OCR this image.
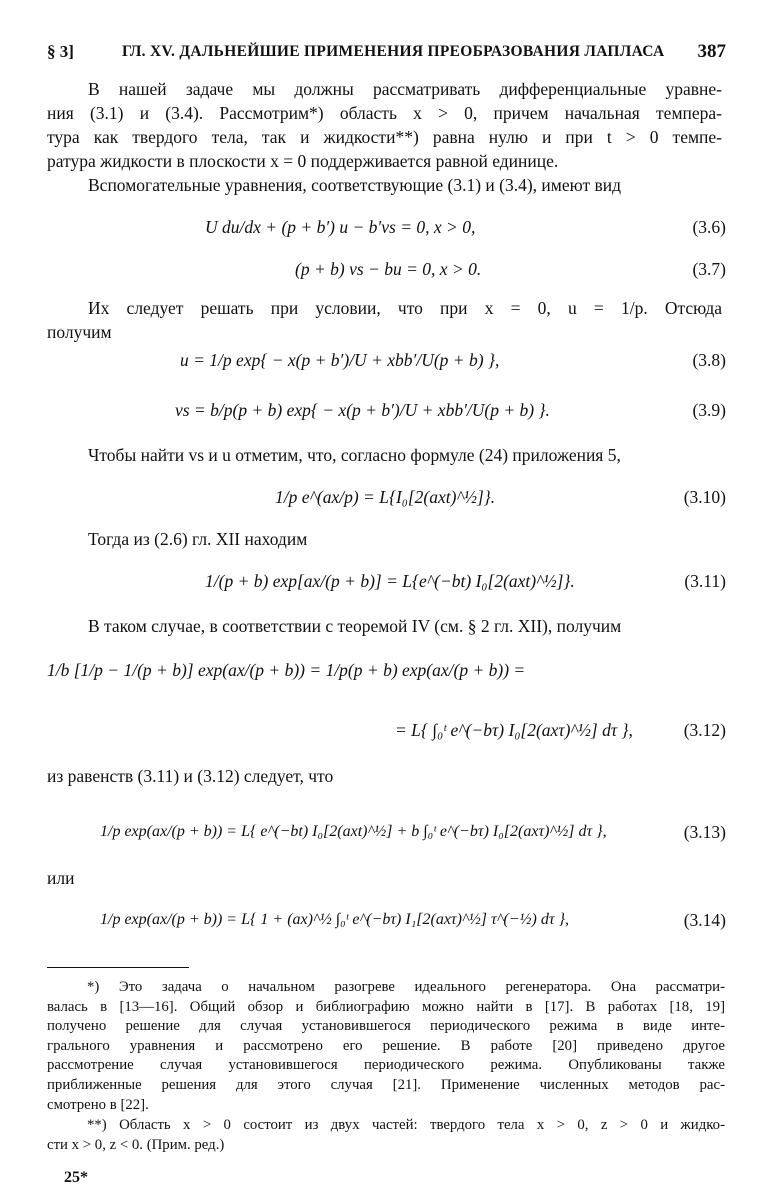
§ 3]	ГЛ. XV. ДАЛЬНЕЙШИЕ ПРИМЕНЕНИЯ ПРЕОБРАЗОВАНИЯ ЛАПЛАСА 387
В нашей задаче мы должны рассматривать дифференциальные уравне-
ния (3.1) и (3.4). Рассмотрим*) область x > 0, причем начальная темпера-
тура как твердого тела, так и жидкости**) равна нулю и при t > 0 темпе-
ратура жидкости в плоскости x = 0 поддерживается равной единице.
Вспомогательные уравнения, соответствующие (3.1) и (3.4), имеют вид
U du/dx + (p + b′) u − b′vs = 0, x > 0,	(3.6)
(p + b) vs − bu = 0, x > 0.	(3.7)
Их следует решать при условии, что при x = 0, u = 1/p. Отсюда
получим
u = 1/p exp{ − x(p + b′)/U + xbb′/U(p + b) },	(3.8)
vs = b/p(p + b) exp{ − x(p + b′)/U + xbb′/U(p + b) }.	(3.9)
Чтобы найти vs и u отметим, что, согласно формуле (24) приложения 5,
1/p e^(ax/p) = L{I₀[2(axt)^½]}.	(3.10)
Тогда из (2.6) гл. XII находим
1/(p + b) exp[ax/(p + b)] = L{e^(−bt) I₀[2(axt)^½]}.	(3.11)
В таком случае, в соответствии с теоремой IV (см. § 2 гл. XII), получим
1/b [1/p − 1/(p + b)] exp(ax/(p + b)) = 1/p(p + b) exp(ax/(p + b)) =
= L{ ∫₀ᵗ e^(−bτ) I₀[2(axτ)^½] dτ },	(3.12)
из равенств (3.11) и (3.12) следует, что
1/p exp(ax/(p + b)) = L{ e^(−bt) I₀[2(axt)^½] + b ∫₀ᵗ e^(−bτ) I₀[2(axτ)^½] dτ },	(3.13)
или
1/p exp(ax/(p + b)) = L{ 1 + (ax)^½ ∫₀ᵗ e^(−bτ) I₁[2(axτ)^½] τ^(−½) dτ },	(3.14)
*) Это задача о начальном разогреве идеального регенератора. Она рассматри-
валась в [13—16]. Общий обзор и библиографию можно найти в [17]. В работах [18, 19]
получено решение для случая установившегося периодического режима в виде инте-
грального уравнения и рассмотрено его решение. В работе [20] приведено другое
рассмотрение случая установившегося периодического режима. Опубликованы также
приближенные решения для этого случая [21]. Применение численных методов рас-
смотрено в [22].
**) Область x > 0 состоит из двух частей: твердого тела x > 0, z > 0 и жидко-
сти x > 0, z < 0. (Прим. ред.)
25*
